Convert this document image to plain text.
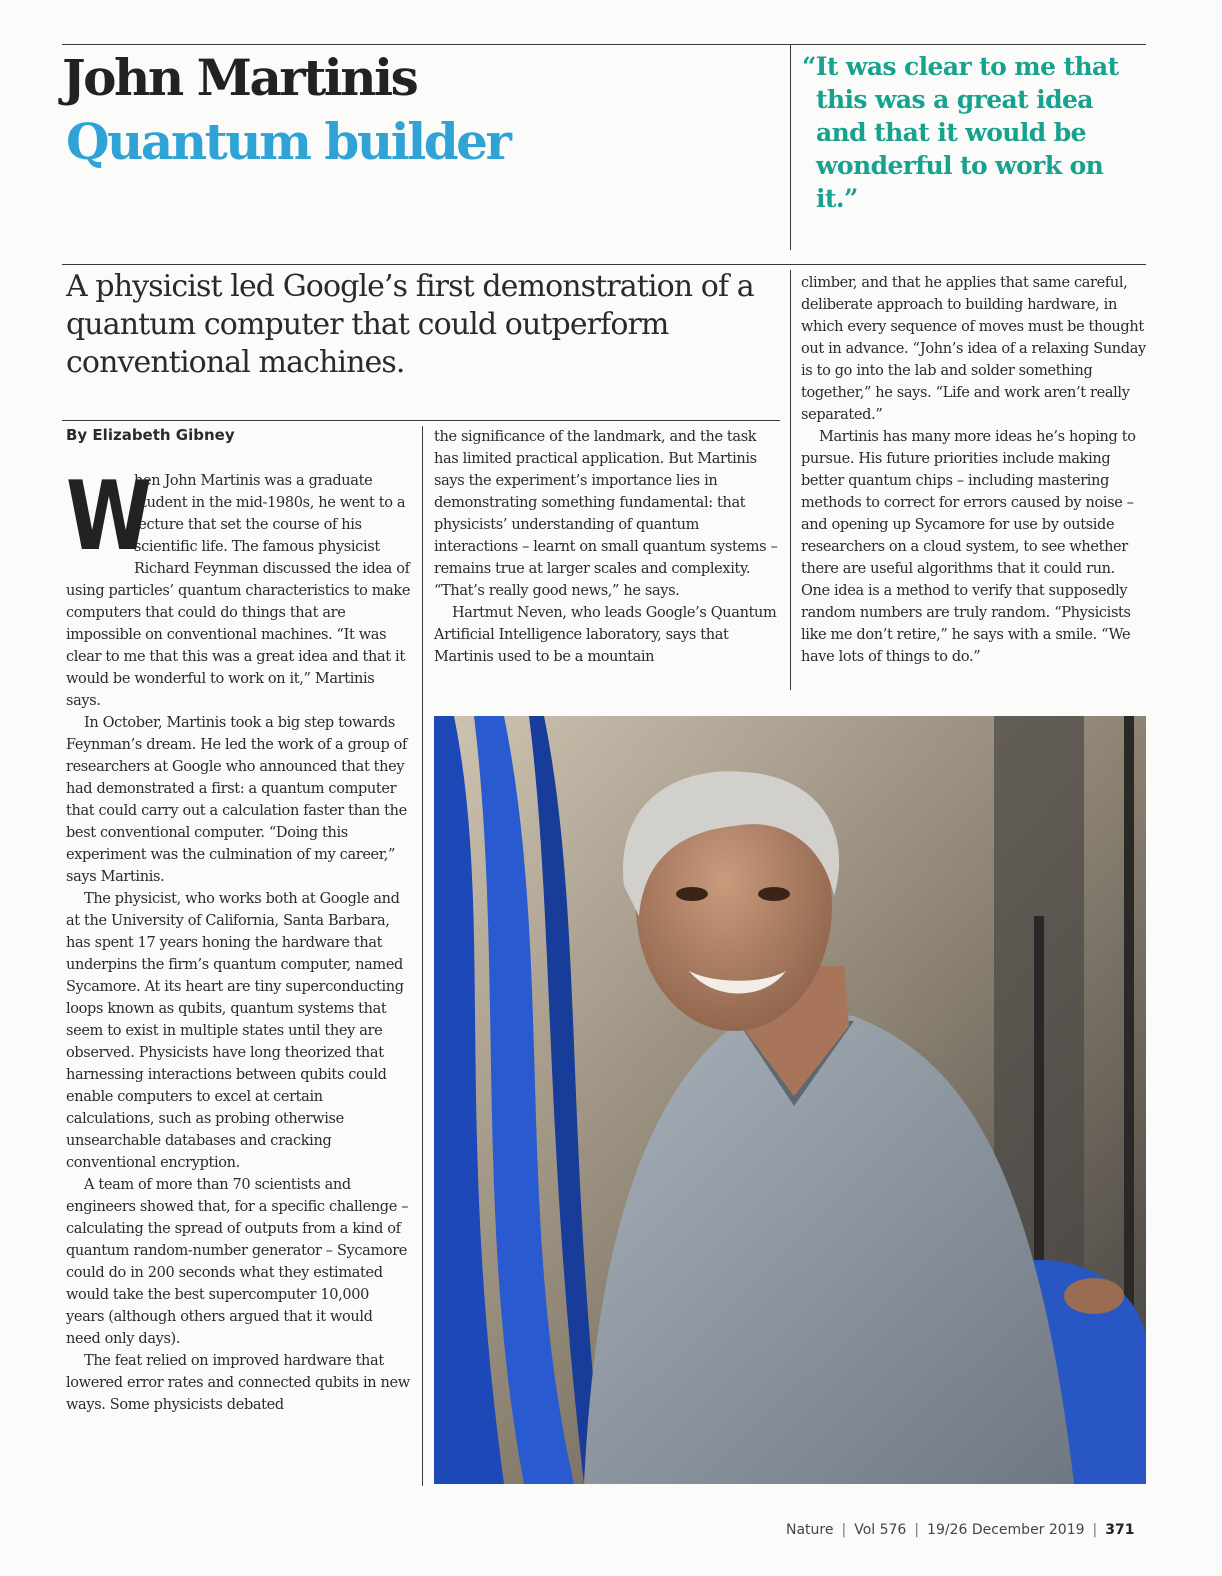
John Martinis
Quantum builder
“It was clear to me that this was a great idea and that it would be wonderful to work on it.”
A physicist led Google’s first demonstration of a quantum computer that could outperform conventional machines.
By Elizabeth Gibney

W
hen John Martinis was a graduate student in the mid-1980s, he went to a lecture that set the course of his scientific life. The famous physicist Richard Feynman discussed the idea of using particles’ quantum characteristics to make computers that could do things that are impossible on conventional machines. “It was clear to me that this was a great idea and that it would be wonderful to work on it,” Martinis says.

In October, Martinis took a big step towards Feynman’s dream. He led the work of a group of researchers at Google who announced that they had demonstrated a first: a quantum computer that could carry out a calculation faster than the best conventional computer. “Doing this experiment was the culmination of my career,” says Martinis.

The physicist, who works both at Google and at the University of California, Santa Barbara, has spent 17 years honing the hardware that underpins the firm’s quantum computer, named Sycamore. At its heart are tiny superconducting loops known as qubits, quantum systems that seem to exist in multiple states until they are observed. Physicists have long theorized that harnessing interactions between qubits could enable computers to excel at certain calculations, such as probing otherwise unsearchable databases and cracking conventional encryption.

A team of more than 70 scientists and engineers showed that, for a specific challenge – calculating the spread of outputs from a kind of quantum random-number generator – Sycamore could do in 200 seconds what they estimated would take the best supercomputer 10,000 years (although others argued that it would need only days).

The feat relied on improved hardware that lowered error rates and connected qubits in new ways. Some physicists debated

the significance of the landmark, and the task has limited practical application. But Martinis says the experiment’s importance lies in demonstrating something fundamental: that physicists’ understanding of quantum interactions – learnt on small quantum systems – remains true at larger scales and complexity. “That’s really good news,” he says.

Hartmut Neven, who leads Google’s Quantum Artificial Intelligence laboratory, says that Martinis used to be a mountain

climber, and that he applies that same careful, deliberate approach to building hardware, in which every sequence of moves must be thought out in advance. “John’s idea of a relaxing Sunday is to go into the lab and solder something together,” he says. “Life and work aren’t really separated.”

Martinis has many more ideas he’s hoping to pursue. His future priorities include making better quantum chips – including mastering methods to correct for errors caused by noise – and opening up Sycamore for use by outside researchers on a cloud system, to see whether there are useful algorithms that it could run. One idea is a method to verify that supposedly random numbers are truly random. “Physicists like me don’t retire,” he says with a smile. “We have lots of things to do.”

Nature | Vol 576 | 19/26 December 2019 | 371
